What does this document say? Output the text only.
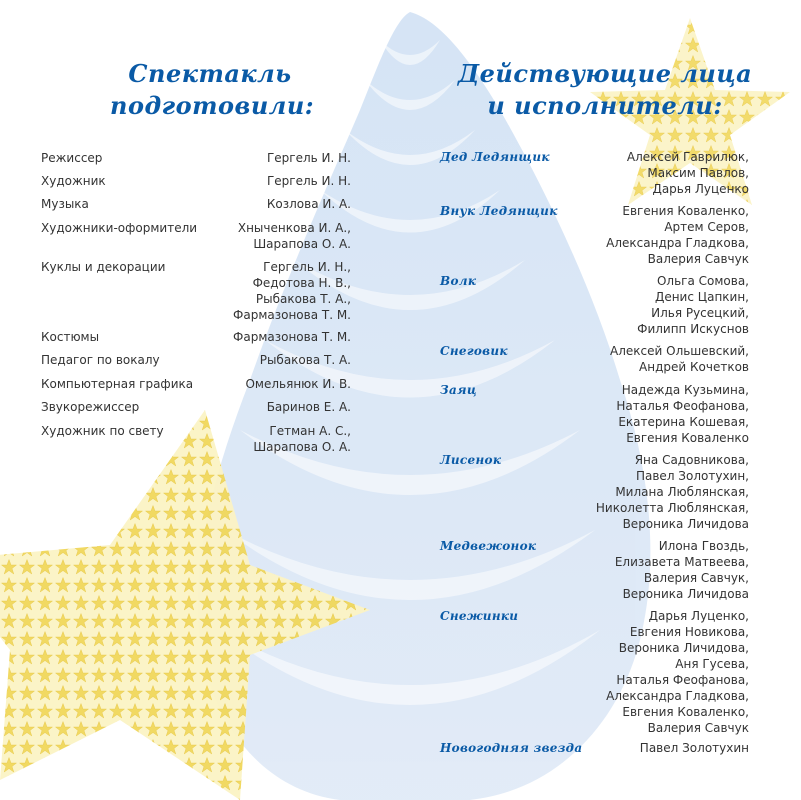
Спектакль
подготовили:
Действующие лица
и исполнители:
Режиссер	Гергель И. Н.
Художник	Гергель И. Н.
Музыка	Козлова И. А.
Художники-оформители	Хныченкова И. А.,
Шарапова О. А.
Куклы и декорации	Гергель И. Н.,
Федотова Н. В.,
Рыбакова Т. А.,
Фармазонова Т. М.
Костюмы	Фармазонова Т. М.
Педагог по вокалу	Рыбакова Т. А.
Компьютерная графика	Омельянюк И. В.
Звукорежиссер	Баринов Е. А.
Художник по свету	Гетман А. С.,
Шарапова О. А.
Дед Ледянщик	Алексей Гаврилюк,
Максим Павлов,
Дарья Луценко
Внук Ледянщик	Евгения Коваленко,
Артем Серов,
Александра Гладкова,
Валерия Савчук
Волк	Ольга Сомова,
Денис Цапкин,
Илья Русецкий,
Филипп Искуснов
Снеговик	Алексей Ольшевский,
Андрей Кочетков
Заяц	Надежда Кузьмина,
Наталья Феофанова,
Екатерина Кошевая,
Евгения Коваленко
Лисенок	Яна Садовникова,
Павел Золотухин,
Милана Люблянская,
Николетта Люблянская,
Вероника Личидова
Медвежонок	Илона Гвоздь,
Елизавета Матвеева,
Валерия Савчук,
Вероника Личидова
Снежинки	Дарья Луценко,
Евгения Новикова,
Вероника Личидова,
Аня Гусева,
Наталья Феофанова,
Александра Гладкова,
Евгения Коваленко,
Валерия Савчук
Новогодняя звезда	Павел Золотухин
